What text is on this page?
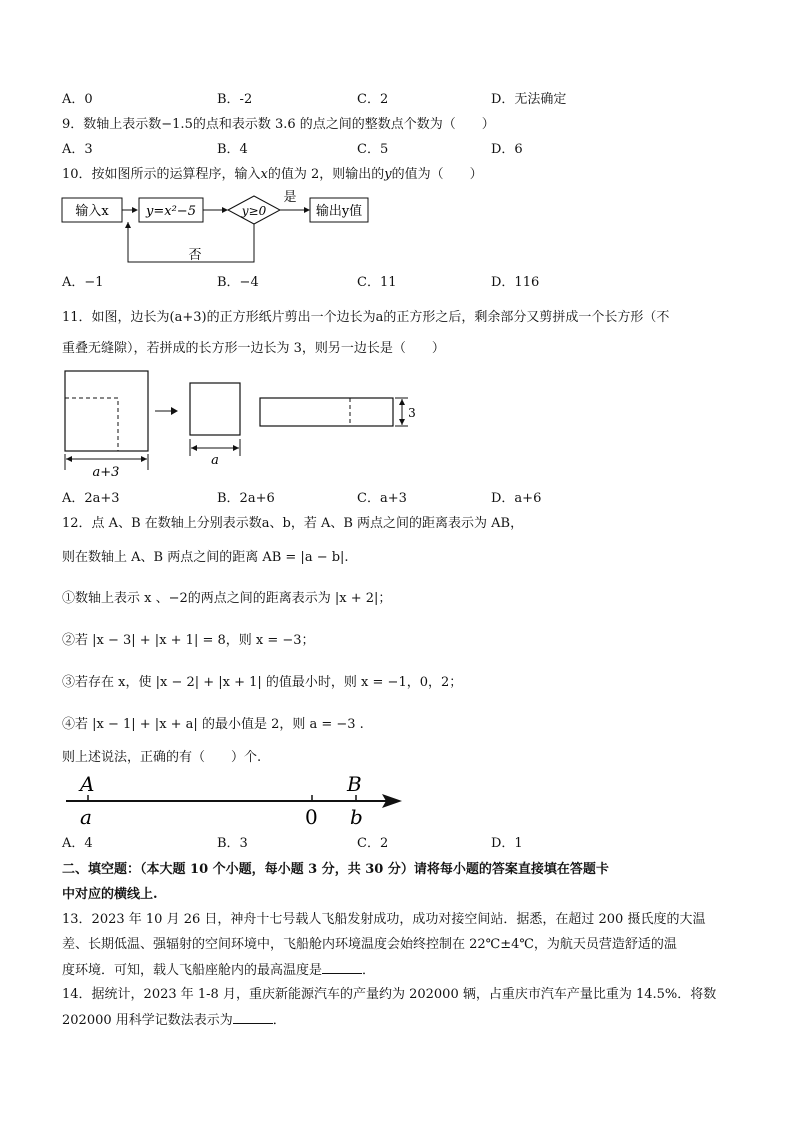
A．0	B．-2	C．2	D．无法确定
9．数轴上表示数−1.5的点和表示数 3.6 的点之间的整数点个数为（　　）
A．3	B．4	C．5	D．6
10．按如图所示的运算程序，输入x的值为 2，则输出的y的值为（　　）
输入x	y=x²−5	y≥0
是
输出y值
否
A．−1	B．−4	C．11	D．116
11．如图，边长为(a+3)的正方形纸片剪出一个边长为a的正方形之后，剩余部分又剪拼成一个长方形（不
重叠无缝隙），若拼成的长方形一边长为 3，则另一边长是（　　）
a+3
a
3
A．2a+3	B．2a+6	C．a+3	D．a+6
12．点 A、B 在数轴上分别表示数a、b，若 A、B 两点之间的距离表示为 AB，
则在数轴上 A、B 两点之间的距离 AB = |a − b|.
①数轴上表示 x 、−2的两点之间的距离表示为 |x + 2|；
②若 |x − 3| + |x + 1| = 8，则 x = −3；
③若存在 x，使 |x − 2| + |x + 1| 的值最小时，则 x = −1，0，2；
④若 |x − 1| + |x + a| 的最小值是 2，则 a = −3 .
则上述说法，正确的有（　　）个.
A
a	0
B
b
A．4	B．3	C．2	D．1
二、填空题：（本大题 10 个小题，每小题 3 分，共 30 分）请将每小题的答案直接填在答题卡
中对应的横线上.
13．2023 年 10 月 26 日，神舟十七号载人飞船发射成功，成功对接空间站．据悉，在超过 200 摄氏度的大温
差、长期低温、强辐射的空间环境中，飞船舱内环境温度会始终控制在 22℃±4℃，为航天员营造舒适的温
度环境．可知，载人飞船座舱内的最高温度是	．
14．据统计，2023 年 1-8 月，重庆新能源汽车的产量约为 202000 辆，占重庆市汽车产量比重为 14.5%．将数
202000 用科学记数法表示为	．
